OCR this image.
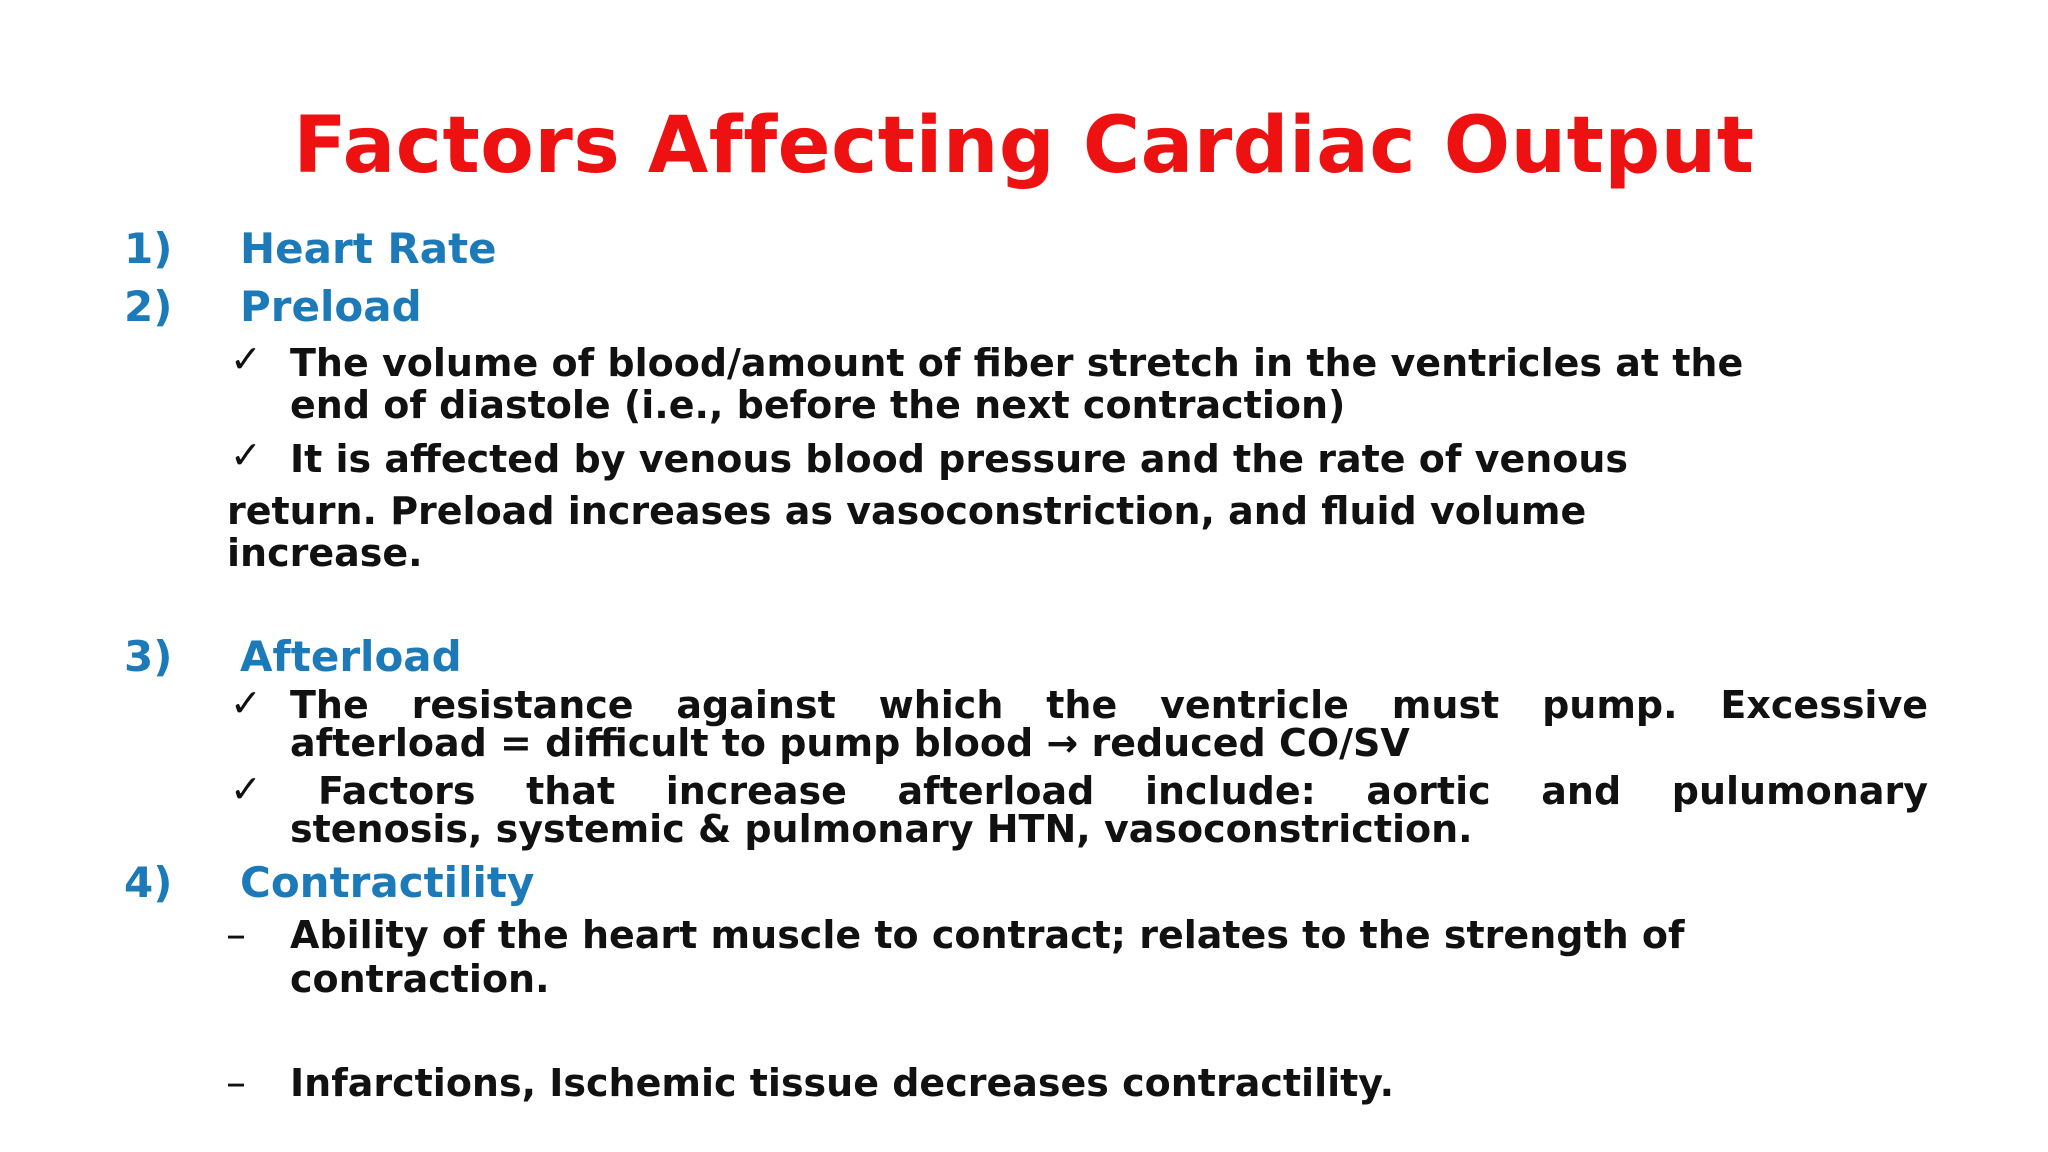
Factors Affecting Cardiac Output
1) Heart Rate
2) Preload
✓ The volume of blood/amount of fiber stretch in the ventricles at the
end of diastole (i.e., before the next contraction)
✓ It is affected by venous blood pressure and the rate of venous
return. Preload increases as vasoconstriction, and fluid volume
increase.
3) Afterload
✓ The resistance against which the ventricle must pump. Excessive
afterload = difficult to pump blood → reduced CO/SV
✓ Factors that increase afterload include: aortic and pulumonary
stenosis, systemic & pulmonary HTN, vasoconstriction.
4) Contractility
– Ability of the heart muscle to contract; relates to the strength of
contraction.
– Infarctions, Ischemic tissue decreases contractility.
